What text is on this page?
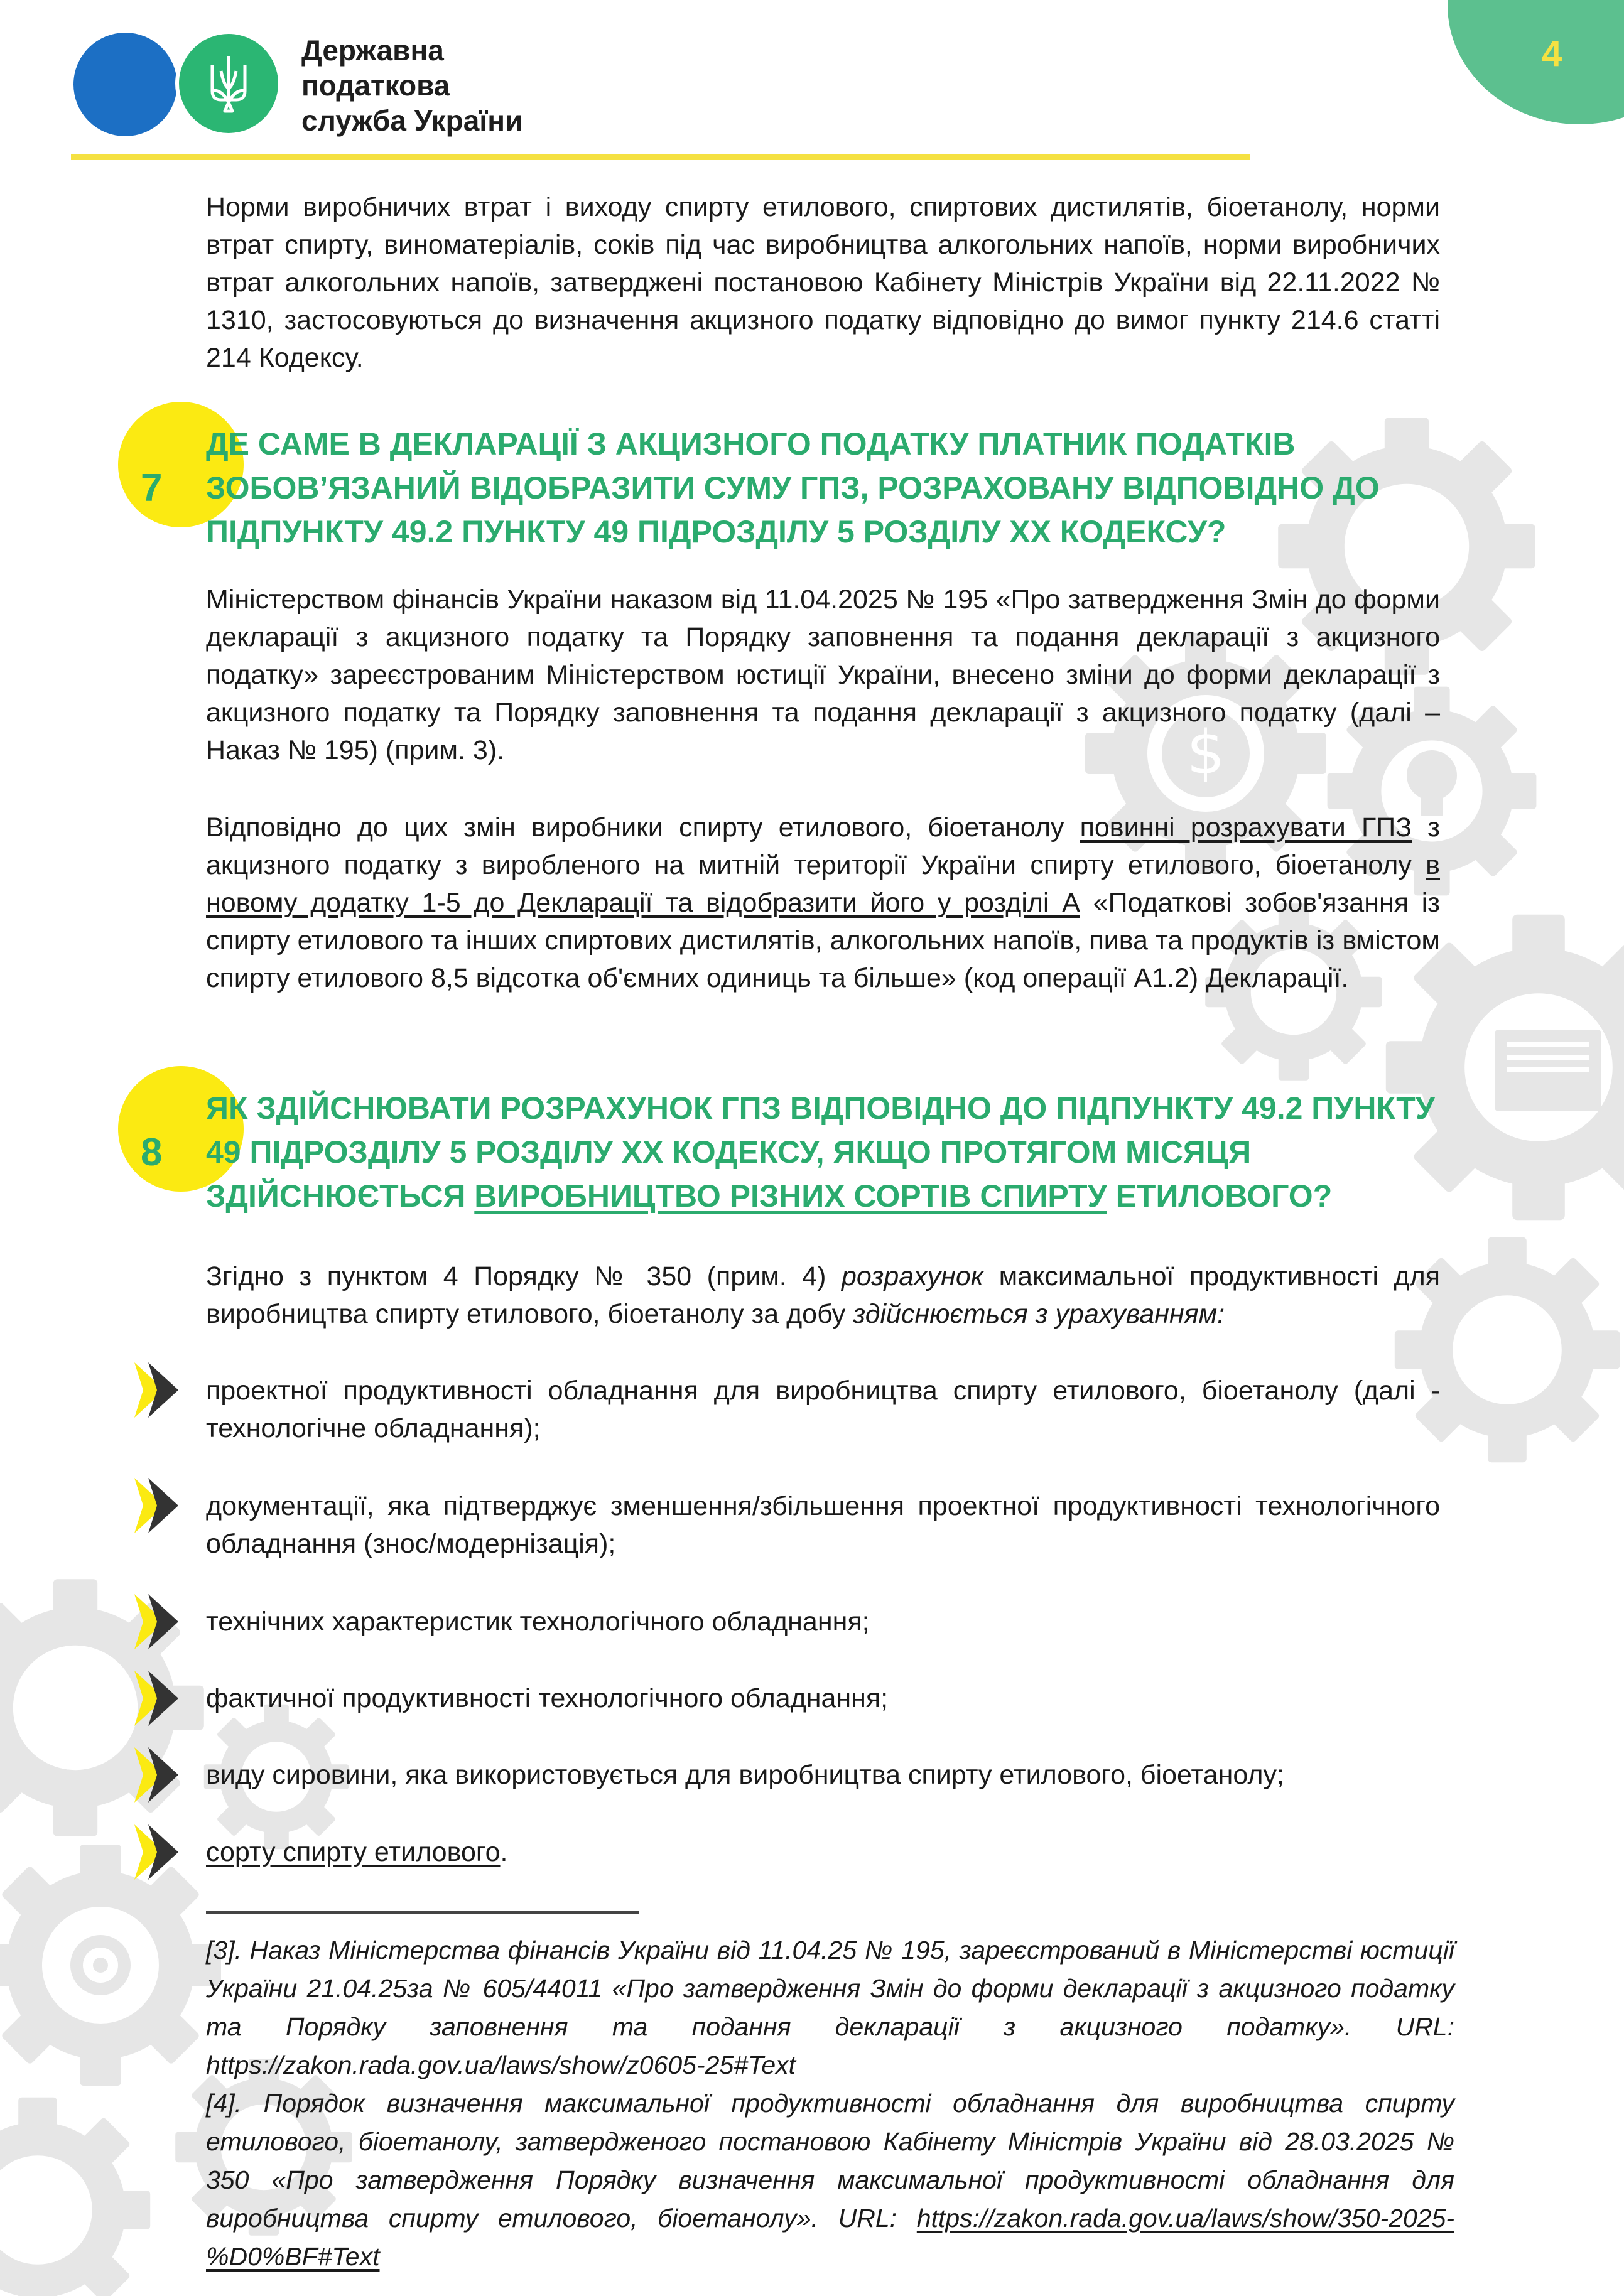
$
Державна
податкова
служба України
4
Норми виробничих втрат і виходу спирту етилового, спиртових дистилятів, біоетанолу, норми втрат спирту, виноматеріалів, соків під час виробництва алкогольних напоїв, норми виробничих втрат алкогольних напоїв, затверджені постановою Кабінету Міністрів України від 22.11.2022 № 1310, застосовуються до визначення акцизного податку відповідно до вимог пункту 214.6 статті 214 Кодексу.
7
ДЕ САМЕ В ДЕКЛАРАЦІЇ З АКЦИЗНОГО ПОДАТКУ ПЛАТНИК ПОДАТКІВ ЗОБОВ’ЯЗАНИЙ ВІДОБРАЗИТИ СУМУ ГПЗ, РОЗРАХОВАНУ ВІДПОВІДНО ДО ПІДПУНКТУ 49.2 ПУНКТУ 49 ПІДРОЗДІЛУ 5 РОЗДІЛУ ХХ КОДЕКСУ?
Міністерством фінансів України наказом від 11.04.2025 № 195 «Про затвердження Змін до форми декларації з акцизного податку та Порядку заповнення та подання декларації з акцизного податку» зареєстрованим Міністерством юстиції України, внесено зміни до форми декларації з акцизного податку та Порядку заповнення та подання декларації з акцизного податку (далі – Наказ № 195) (прим. 3).
Відповідно до цих змін виробники спирту етилового, біоетанолу повинні розрахувати ГПЗ з акцизного податку з виробленого на митній території України спирту етилового, біоетанолу в новому додатку 1-5 до Декларації та відобразити його у розділі А «Податкові зобов'язання із спирту етилового та інших спиртових дистилятів, алкогольних напоїв, пива та продуктів із вмістом спирту етилового 8,5 відсотка об'ємних одиниць та більше» (код операції А1.2) Декларації.
8
ЯК ЗДІЙСНЮВАТИ РОЗРАХУНОК ГПЗ ВІДПОВІДНО ДО ПІДПУНКТУ 49.2 ПУНКТУ 49 ПІДРОЗДІЛУ 5 РОЗДІЛУ ХХ КОДЕКСУ, ЯКЩО ПРОТЯГОМ МІСЯЦЯ ЗДІЙСНЮЄТЬСЯ ВИРОБНИЦТВО РІЗНИХ СОРТІВ СПИРТУ ЕТИЛОВОГО?
Згідно з пунктом 4 Порядку № 350 (прим. 4) розрахунок максимальної продуктивності для виробництва спирту етилового, біоетанолу за добу здійснюється з урахуванням:
проектної продуктивності обладнання для виробництва спирту етилового, біоетанолу (далі - технологічне обладнання);
документації, яка підтверджує зменшення/збільшення проектної продуктивності технологічного обладнання (знос/модернізація);
технічних характеристик технологічного обладнання;
фактичної продуктивності технологічного обладнання;
виду сировини, яка використовується для виробництва спирту етилового, біоетанолу;
сорту спирту етилового.
[3]. Наказ Міністерства фінансів України від 11.04.25 № 195, зареєстрований в Міністерстві юстиції України 21.04.25за № 605/44011 «Про затвердження Змін до форми декларації з акцизного податку та Порядку заповнення та подання декларації з акцизного податку». URL: https://zakon.rada.gov.ua/laws/show/z0605-25#Text
[4]. Порядок визначення максимальної продуктивності обладнання для виробництва спирту етилового, біоетанолу, затвердженого постановою Кабінету Міністрів України від 28.03.2025 № 350 «Про затвердження Порядку визначення максимальної продуктивності обладнання для виробництва спирту етилового, біоетанолу». URL: https://zakon.rada.gov.ua/laws/show/350-2025-%D0%BF#Text
